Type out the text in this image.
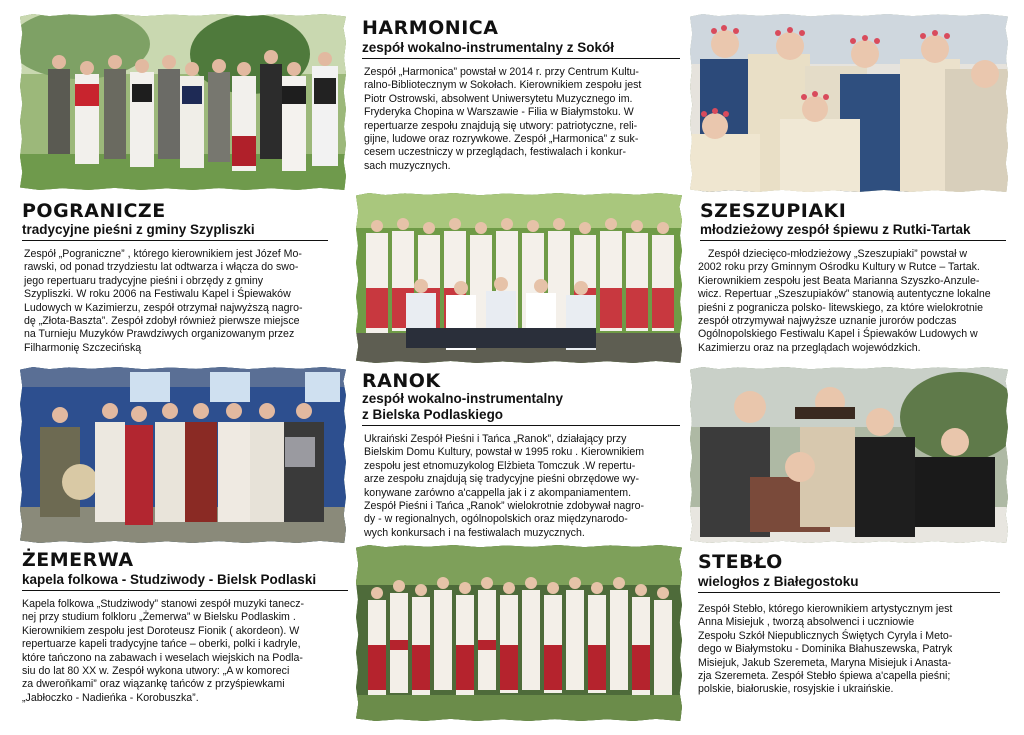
HARMONICA
zespół wokalno-instrumentalny z Sokół

Zespół „Harmonica” powstał w 2014 r. przy Centrum Kultu-

ralno-Bibliotecznym w Sokołach. Kierownikiem zespołu jest

Piotr Ostrowski, absolwent Uniwersytetu Muzycznego im.

Fryderyka Chopina w Warszawie - Filia w Białymstoku. W

repertuarze zespołu znajdują się utwory: patriotyczne, reli-

gijne, ludowe oraz rozrywkowe. Zespół „Harmonica” z suk-

cesem uczestniczy w przeglądach, festiwalach i konkur-

sach muzycznych.

POGRANICZE
tradycyjne pieśni z gminy Szypliszki

Zespół „Pograniczne” , którego kierownikiem jest Józef Mo-

rawski, od ponad trzydziestu lat odtwarza i włącza do swo-

jego repertuaru tradycyjne pieśni i obrzędy z gminy

Szypliszki. W roku 2006 na Festiwalu Kapel i Śpiewaków

Ludowych w Kazimierzu, zespół otrzymał najwyższą nagro-

dę „Złota-Baszta”. Zespół zdobył również pierwsze miejsce

na Turnieju Muzyków Prawdziwych organizowanym przez

Filharmonię Szczecińską

SZESZUPIAKI
młodzieżowy zespół śpiewu z Rutki-Tartak

Zespół dziecięco-młodzieżowy „Szeszupiaki” powstał w

2002 roku przy Gminnym Ośrodku Kultury w Rutce – Tartak.

Kierownikiem zespołu jest Beata Marianna Szyszko-Anzule-

wicz. Repertuar „Szeszupiaków” stanowią autentyczne lokalne

pieśni z pogranicza polsko- litewskiego, za które wielokrotnie

zespół otrzymywał najwyższe uznanie jurorów podczas

Ogólnopolskiego Festiwalu Kapel i Śpiewaków Ludowych w

Kazimierzu oraz na przeglądach wojewódzkich.

RANOK
zespół wokalno-instrumentalny
z Bielska Podlaskiego

Ukraiński Zespół Pieśni i Tańca „Ranok”, działający przy

Bielskim Domu Kultury, powstał w 1995 roku . Kierownikiem

zespołu jest etnomuzykolog Elżbieta Tomczuk .W repertu-

arze zespołu znajdują się tradycyjne pieśni obrzędowe wy-

konywane zarówno a'cappella jak i z akompaniamentem.

Zespół Pieśni i Tańca „Ranok” wielokrotnie zdobywał nagro-

dy - w regionalnych, ogólnopolskich oraz międzynarodo-

wych konkursach i na festiwalach muzycznych.

ŻEMERWA
kapela folkowa - Studziwody - Bielsk Podlaski

Kapela folkowa „Studziwody” stanowi zespół muzyki tanecz-

nej przy studium folkloru „Żemerwa” w Bielsku Podlaskim .

Kierownikiem zespołu jest Doroteusz Fionik ( akordeon). W

repertuarze kapeli tradycyjne tańce – oberki, polki i kadryle,

które tańczono na zabawach i weselach wiejskich na Podla-

siu do lat 80 XX w. Zespół wykona utwory: „A w komorеci

za dweroňkami” oraz wiązankę tańców z przyśpiewkami

„Jabłoczko - Nadieńka - Korobuszka”.

STEBŁO
wielogłos z Białegostoku

Zespół Stebło, którego kierownikiem artystycznym jest

Anna Misiejuk , tworzą absolwenci i uczniowie

Zespołu Szkół Niepublicznych Świętych Cyryla i Meto-

dego w Białymstoku - Dominika Błahuszewska, Patryk

Misiejuk, Jakub Szeremeta, Maryna Misiejuk i Anasta-

zja Szeremeta. Zespół Stebło śpiewa a'capella pieśni;

polskie, białoruskie, rosyjskie i ukraińskie.
